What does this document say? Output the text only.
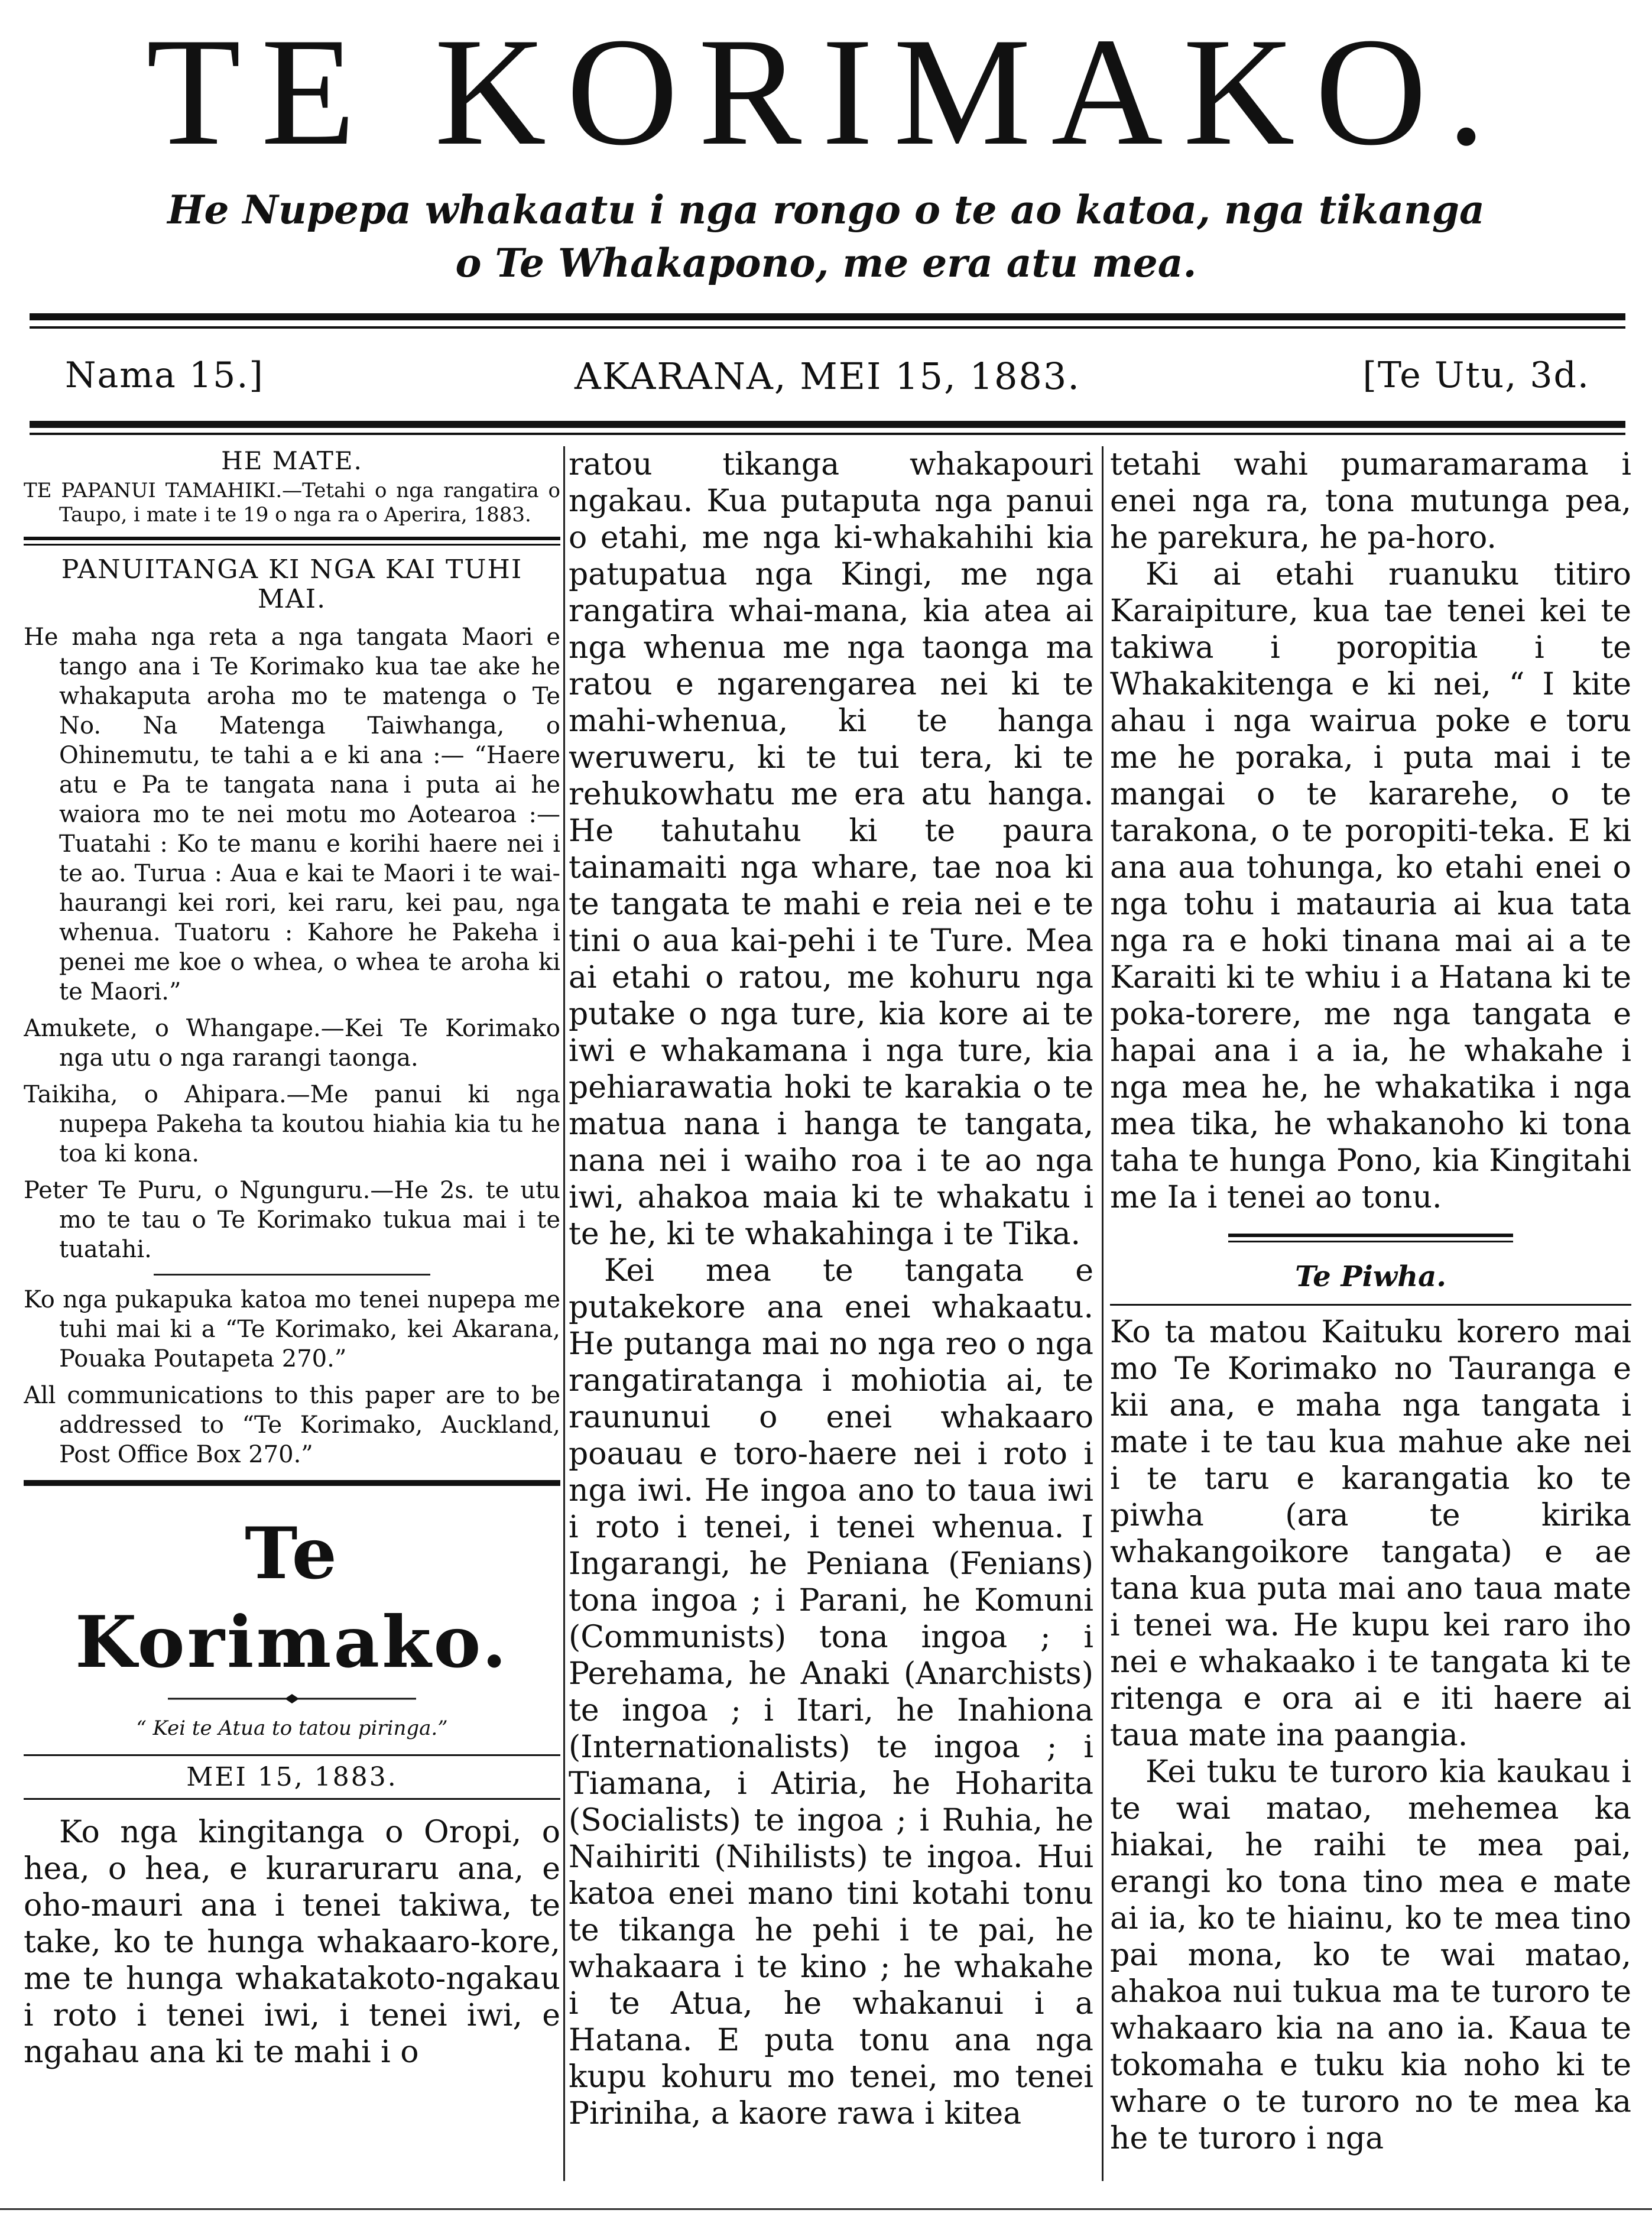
TE KORIMAKO.
He Nupepa whakaatu i nga rongo o te ao katoa, nga tikanga
o Te Whakapono, me era atu mea.
AKARANA, MEI 15, 1883.
Nama 15.]	[Te Utu, 3d.
HE MATE.

TE PAPANUI TAMAHIKI.—Tetahi o nga rangatira o Taupo, i mate i te 19 o nga ra o Aperira, 1883.

PANUITANGA KI NGA KAI TUHI MAI.

He maha nga reta a nga tangata Maori e tango ana i Te Korimako kua tae ake he whakaputa aroha mo te matenga o Te No. Na Matenga Taiwhanga, o Ohinemutu, te tahi a e ki ana :— “Haere atu e Pa te tangata nana i puta ai he waiora mo te nei motu mo Aotearoa :—Tuatahi : Ko te manu e korihi haere nei i te ao. Turua : Aua e kai te Maori i te wai-haurangi kei rori, kei raru, kei pau, nga whenua. Tuatoru : Kahore he Pakeha i penei me koe o whea, o whea te aroha ki te Maori.”

Amukete, o Whangape.—Kei Te Korimako nga utu o nga rarangi taonga.

Taikiha, o Ahipara.—Me panui ki nga nupepa Pakeha ta koutou hiahia kia tu he toa ki kona.

Peter Te Puru, o Ngunguru.—He 2s. te utu mo te tau o Te Korimako tukua mai i te tuatahi.

Ko nga pukapuka katoa mo tenei nupepa me tuhi mai ki a “Te Korimako, kei Akarana, Pouaka Poutapeta 270.”

All communications to this paper are to be addressed to “Te Korimako, Auckland, Post Office Box 270.”

Te Korimako.
“ Kei te Atua to tatou piringa.”
MEI 15, 1883.

Ko nga kingitanga o Oropi, o hea, o hea, e kuraruraru ana, e oho-mauri ana i tenei takiwa, te take, ko te hunga whakaaro-kore, me te hunga whakatakoto-ngakau i roto i tenei iwi, i tenei iwi, e ngahau ana ki te mahi i o

ratou tikanga whakapouri ngakau. Kua putaputa nga panui o etahi, me nga ki-whakahihi kia patupatua nga Kingi, me nga rangatira whai-mana, kia atea ai nga whenua me nga taonga ma ratou e ngarengarea nei ki te mahi-whenua, ki te hanga weruweru, ki te tui tera, ki te rehukowhatu me era atu hanga. He tahutahu ki te paura tainamaiti nga whare, tae noa ki te tangata te mahi e reia nei e te tini o aua kai-pehi i te Ture. Mea ai etahi o ratou, me kohuru nga putake o nga ture, kia kore ai te iwi e whakamana i nga ture, kia pehiarawatia hoki te karakia o te matua nana i hanga te tangata, nana nei i waiho roa i te ao nga iwi, ahakoa maia ki te whakatu i te he, ki te whakahinga i te Tika.

Kei mea te tangata e putakekore ana enei whakaatu. He putanga mai no nga reo o nga rangatiratanga i mohiotia ai, te raununui o enei whakaaro poauau e toro-haere nei i roto i nga iwi. He ingoa ano to taua iwi i roto i tenei, i tenei whenua. I Ingarangi, he Peniana (Fenians) tona ingoa ; i Parani, he Komuni (Communists) tona ingoa ; i Perehama, he Anaki (Anarchists) te ingoa ; i Itari, he Inahiona (Internationalists) te ingoa ; i Tiamana, i Atiria, he Hoharita (Socialists) te ingoa ; i Ruhia, he Naihiriti (Nihilists) te ingoa. Hui katoa enei mano tini kotahi tonu te tikanga he pehi i te pai, he whakaara i te kino ; he whakahe i te Atua, he whakanui i a Hatana. E puta tonu ana nga kupu kohuru mo tenei, mo tenei Piriniha, a kaore rawa i kitea

tetahi wahi pumaramarama i enei nga ra, tona mutunga pea, he parekura, he pa-horo.

Ki ai etahi ruanuku titiro Karaipiture, kua tae tenei kei te takiwa i poropitia i te Whakakitenga e ki nei, “ I kite ahau i nga wairua poke e toru me he poraka, i puta mai i te mangai o te kararehe, o te tarakona, o te poropiti-teka. E ki ana aua tohunga, ko etahi enei o nga tohu i matauria ai kua tata nga ra e hoki tinana mai ai a te Karaiti ki te whiu i a Hatana ki te poka-torere, me nga tangata e hapai ana i a ia, he whakahe i nga mea he, he whakatika i nga mea tika, he whakanoho ki tona taha te hunga Pono, kia Kingitahi me Ia i tenei ao tonu.

Te Piwha.

Ko ta matou Kaituku korero mai mo Te Korimako no Tauranga e kii ana, e maha nga tangata i mate i te tau kua mahue ake nei i te taru e karangatia ko te piwha (ara te kirika whakangoikore tangata) e ae tana kua puta mai ano taua mate i tenei wa. He kupu kei raro iho nei e whakaako i te tangata ki te ritenga e ora ai e iti haere ai taua mate ina paangia.

Kei tuku te turoro kia kaukau i te wai matao, mehemea ka hiakai, he raihi te mea pai, erangi ko tona tino mea e mate ai ia, ko te hiainu, ko te mea tino pai mona, ko te wai matao, ahakoa nui tukua ma te turoro te whakaaro kia na ano ia. Kaua te tokomaha e tuku kia noho ki te whare o te turoro no te mea ka he te turoro i nga
